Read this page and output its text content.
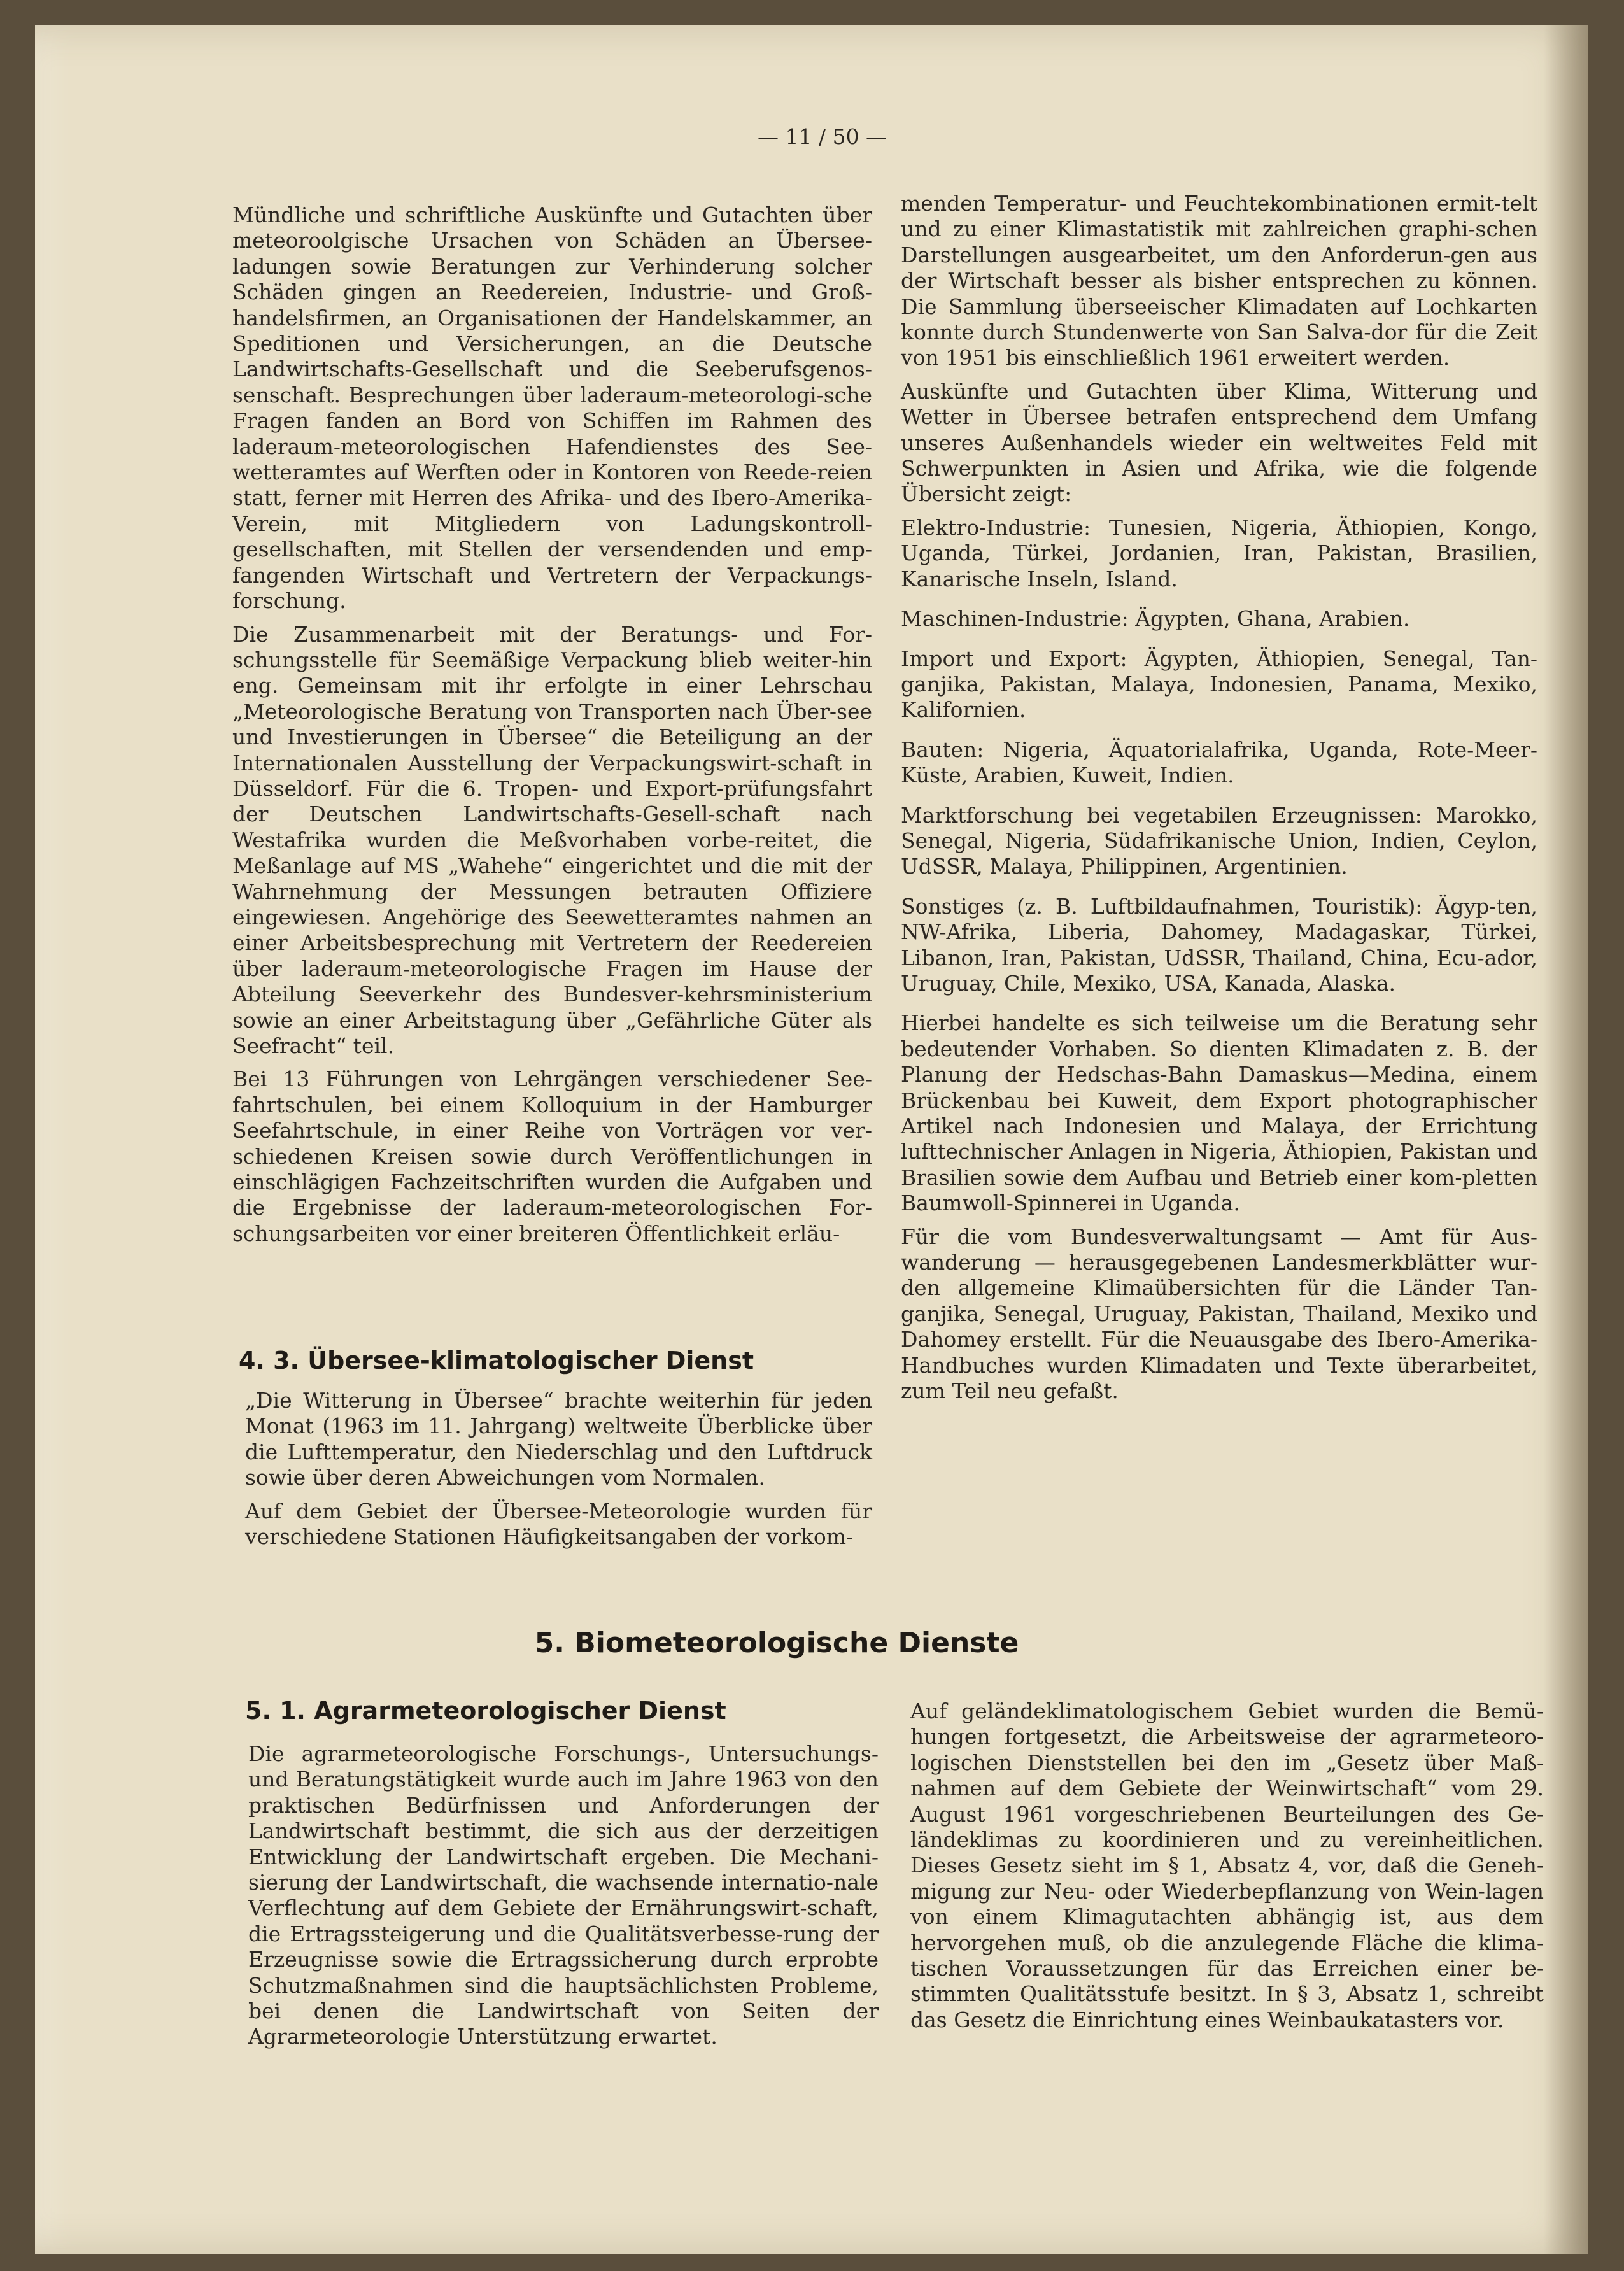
— 11 / 50 —

Mündliche und schriftliche Auskünfte und Gutachten über meteoroolgische Ursachen von Schäden an Übersee-ladungen sowie Beratungen zur Verhinderung solcher Schäden gingen an Reedereien, Industrie- und Groß-handelsfirmen, an Organisationen der Handelskammer, an Speditionen und Versicherungen, an die Deutsche Landwirtschafts-Gesellschaft und die Seeberufsgenos-senschaft. Besprechungen über laderaum-meteorologi-sche Fragen fanden an Bord von Schiffen im Rahmen des laderaum-meteorologischen Hafendienstes des See-wetteramtes auf Werften oder in Kontoren von Reede-reien statt, ferner mit Herren des Afrika- und des Ibero-Amerika-Verein, mit Mitgliedern von Ladungskontroll-gesellschaften, mit Stellen der versendenden und emp-fangenden Wirtschaft und Vertretern der Verpackungs-forschung.

Die Zusammenarbeit mit der Beratungs- und For-schungsstelle für Seemäßige Verpackung blieb weiter-hin eng. Gemeinsam mit ihr erfolgte in einer Lehrschau „Meteorologische Beratung von Transporten nach Über-see und Investierungen in Übersee“ die Beteiligung an der Internationalen Ausstellung der Verpackungswirt-schaft in Düsseldorf. Für die 6. Tropen- und Export-prüfungsfahrt der Deutschen Landwirtschafts-Gesell-schaft nach Westafrika wurden die Meßvorhaben vorbe-reitet, die Meßanlage auf MS „Wahehe“ eingerichtet und die mit der Wahrnehmung der Messungen betrauten Offiziere eingewiesen. Angehörige des Seewetteramtes nahmen an einer Arbeitsbesprechung mit Vertretern der Reedereien über laderaum-meteorologische Fragen im Hause der Abteilung Seeverkehr des Bundesver-kehrsministerium sowie an einer Arbeitstagung über „Gefährliche Güter als Seefracht“ teil.

Bei 13 Führungen von Lehrgängen verschiedener See-fahrtschulen, bei einem Kolloquium in der Hamburger Seefahrtschule, in einer Reihe von Vorträgen vor ver-schiedenen Kreisen sowie durch Veröffentlichungen in einschlägigen Fachzeitschriften wurden die Aufgaben und die Ergebnisse der laderaum-meteorologischen For-schungsarbeiten vor einer breiteren Öffentlichkeit erläu-

4. 3. Übersee-klimatologischer Dienst

„Die Witterung in Übersee“ brachte weiterhin für jeden Monat (1963 im 11. Jahrgang) weltweite Überblicke über die Lufttemperatur, den Niederschlag und den Luftdruck sowie über deren Abweichungen vom Normalen.

Auf dem Gebiet der Übersee-Meteorologie wurden für verschiedene Stationen Häufigkeitsangaben der vorkom-

menden Temperatur- und Feuchtekombinationen ermit-telt und zu einer Klimastatistik mit zahlreichen graphi-schen Darstellungen ausgearbeitet, um den Anforderun-gen aus der Wirtschaft besser als bisher entsprechen zu können. Die Sammlung überseeischer Klimadaten auf Lochkarten konnte durch Stundenwerte von San Salva-dor für die Zeit von 1951 bis einschließlich 1961 erweitert werden.

Auskünfte und Gutachten über Klima, Witterung und Wetter in Übersee betrafen entsprechend dem Umfang unseres Außenhandels wieder ein weltweites Feld mit Schwerpunkten in Asien und Afrika, wie die folgende Übersicht zeigt:

Elektro-Industrie: Tunesien, Nigeria, Äthiopien, Kongo, Uganda, Türkei, Jordanien, Iran, Pakistan, Brasilien, Kanarische Inseln, Island.

Maschinen-Industrie: Ägypten, Ghana, Arabien.

Import und Export: Ägypten, Äthiopien, Senegal, Tan-ganjika, Pakistan, Malaya, Indonesien, Panama, Mexiko, Kalifornien.

Bauten: Nigeria, Äquatorialafrika, Uganda, Rote-Meer-Küste, Arabien, Kuweit, Indien.

Marktforschung bei vegetabilen Erzeugnissen: Marokko, Senegal, Nigeria, Südafrikanische Union, Indien, Ceylon, UdSSR, Malaya, Philippinen, Argentinien.

Sonstiges (z. B. Luftbildaufnahmen, Touristik): Ägyp-ten, NW-Afrika, Liberia, Dahomey, Madagaskar, Türkei, Libanon, Iran, Pakistan, UdSSR, Thailand, China, Ecu-ador, Uruguay, Chile, Mexiko, USA, Kanada, Alaska.

Hierbei handelte es sich teilweise um die Beratung sehr bedeutender Vorhaben. So dienten Klimadaten z. B. der Planung der Hedschas-Bahn Damaskus—Medina, einem Brückenbau bei Kuweit, dem Export photographischer Artikel nach Indonesien und Malaya, der Errichtung lufttechnischer Anlagen in Nigeria, Äthiopien, Pakistan und Brasilien sowie dem Aufbau und Betrieb einer kom-pletten Baumwoll-Spinnerei in Uganda.

Für die vom Bundesverwaltungsamt — Amt für Aus-wanderung — herausgegebenen Landesmerkblätter wur-den allgemeine Klimaübersichten für die Länder Tan-ganjika, Senegal, Uruguay, Pakistan, Thailand, Mexiko und Dahomey erstellt. Für die Neuausgabe des Ibero-Amerika-Handbuches wurden Klimadaten und Texte überarbeitet, zum Teil neu gefaßt.

5. Biometeorologische Dienste
5. 1. Agrarmeteorologischer Dienst

Die agrarmeteorologische Forschungs-, Untersuchungs- und Beratungstätigkeit wurde auch im Jahre 1963 von den praktischen Bedürfnissen und Anforderungen der Landwirtschaft bestimmt, die sich aus der derzeitigen Entwicklung der Landwirtschaft ergeben. Die Mechani-sierung der Landwirtschaft, die wachsende internatio-nale Verflechtung auf dem Gebiete der Ernährungswirt-schaft, die Ertragssteigerung und die Qualitätsverbesse-rung der Erzeugnisse sowie die Ertragssicherung durch erprobte Schutzmaßnahmen sind die hauptsächlichsten Probleme, bei denen die Landwirtschaft von Seiten der Agrarmeteorologie Unterstützung erwartet.

Auf geländeklimatologischem Gebiet wurden die Bemü-hungen fortgesetzt, die Arbeitsweise der agrarmeteoro-logischen Dienststellen bei den im „Gesetz über Maß-nahmen auf dem Gebiete der Weinwirtschaft“ vom 29. August 1961 vorgeschriebenen Beurteilungen des Ge-ländeklimas zu koordinieren und zu vereinheitlichen. Dieses Gesetz sieht im § 1, Absatz 4, vor, daß die Geneh-migung zur Neu- oder Wiederbepflanzung von Wein-lagen von einem Klimagutachten abhängig ist, aus dem hervorgehen muß, ob die anzulegende Fläche die klima-tischen Voraussetzungen für das Erreichen einer be-stimmten Qualitätsstufe besitzt. In § 3, Absatz 1, schreibt das Gesetz die Einrichtung eines Weinbaukatasters vor.
